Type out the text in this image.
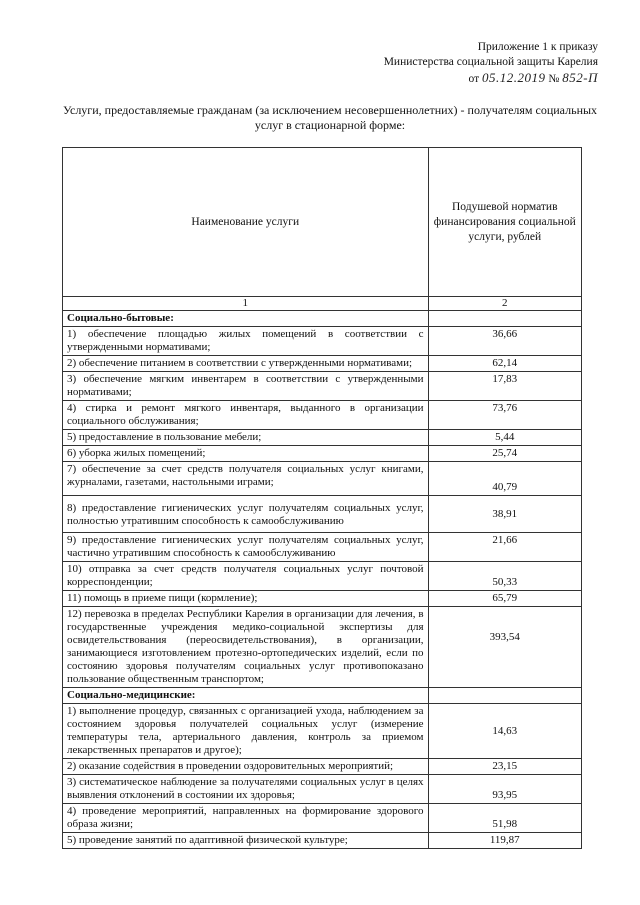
Приложение 1 к приказу
Министерства социальной защиты Карелия
от 05.12.2019 № 852-П
Услуги, предоставляемые гражданам (за исключением несовершеннолетних) - получателям социальных услуг в стационарной форме:
Наименование услуги	Подушевой норматив финансирования социальной услуги, рублей
1	2
Социально-бытовые:	
1) обеспечение площадью жилых помещений в соответствии с утвержденными нормативами;	36,66
2) обеспечение питанием в соответствии с утвержденными нормативами;	62,14
3) обеспечение мягким инвентарем в соответствии с утвержденными нормативами;	17,83
4) стирка и ремонт мягкого инвентаря, выданного в организации социального обслуживания;	73,76
5) предоставление в пользование мебели;	5,44
6) уборка жилых помещений;	25,74
7) обеспечение за счет средств получателя социальных услуг книгами, журналами, газетами, настольными играми;	40,79
8) предоставление гигиенических услуг получателям социальных услуг, полностью утратившим способность к самообслуживанию	38,91
9) предоставление гигиенических услуг получателям социальных услуг, частично утратившим способность к самообслуживанию	21,66
10) отправка за счет средств получателя социальных услуг почтовой корреспонденции;	50,33
11) помощь в приеме пищи (кормление);	65,79
12) перевозка в пределах Республики Карелия в организации для лечения, в государственные учреждения медико-социальной экспертизы для освидетельствования (переосвидетельствования), в организации, занимающиеся изготовлением протезно-ортопедических изделий, если по состоянию здоровья получателям социальных услуг противопоказано пользование общественным транспортом;	393,54
Социально-медицинские:	
1) выполнение процедур, связанных с организацией ухода, наблюдением за состоянием здоровья получателей социальных услуг (измерение температуры тела, артериального давления, контроль за приемом лекарственных препаратов и другое);	14,63
2) оказание содействия в проведении оздоровительных мероприятий;	23,15
3) систематическое наблюдение за получателями социальных услуг в целях выявления отклонений в состоянии их здоровья;	93,95
4) проведение мероприятий, направленных на формирование здорового образа жизни;	51,98
5) проведение занятий по адаптивной физической культуре;	119,87
